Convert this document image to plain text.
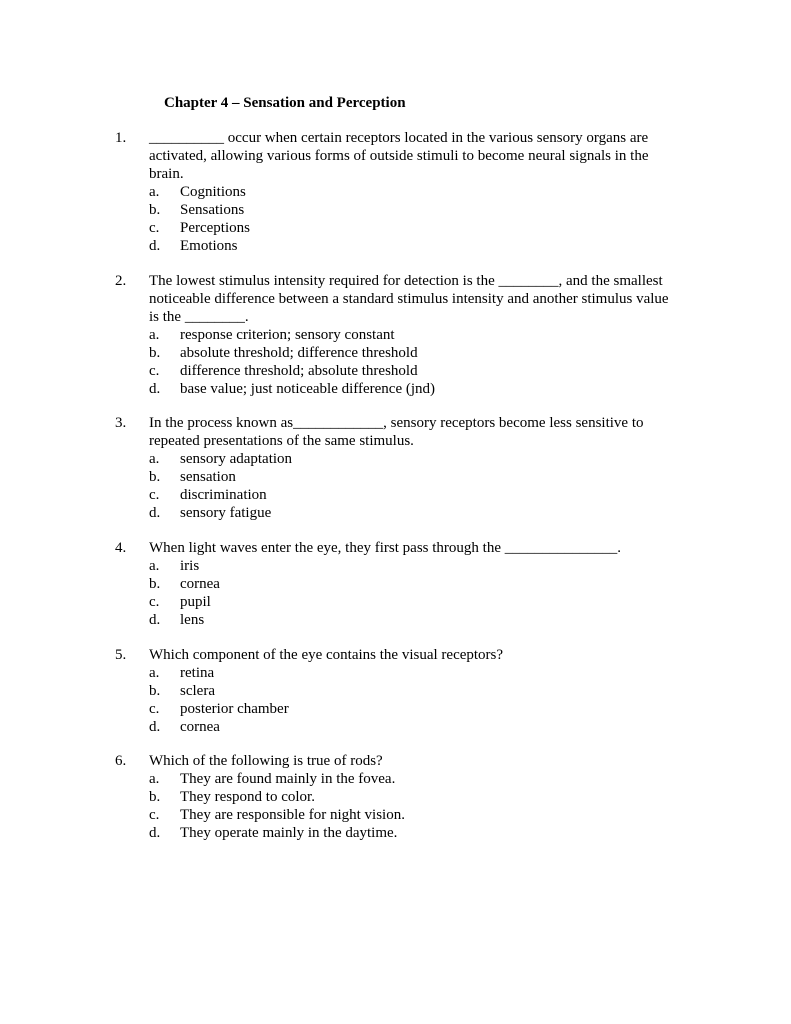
Chapter 4 – Sensation and Perception
1. __________ occur when certain receptors located in the various sensory organs are activated, allowing various forms of outside stimuli to become neural signals in the brain.
a. Cognitions
b. Sensations
c. Perceptions
d. Emotions
2. The lowest stimulus intensity required for detection is the ________, and the smallest noticeable difference between a standard stimulus intensity and another stimulus value is the ________.
a. response criterion; sensory constant
b. absolute threshold; difference threshold
c. difference threshold; absolute threshold
d. base value; just noticeable difference (jnd)
3. In the process known as____________, sensory receptors become less sensitive to repeated presentations of the same stimulus.
a. sensory adaptation
b. sensation
c. discrimination
d. sensory fatigue
4. When light waves enter the eye, they first pass through the _______________.
a. iris
b. cornea
c. pupil
d. lens
5. Which component of the eye contains the visual receptors?
a. retina
b. sclera
c. posterior chamber
d. cornea
6. Which of the following is true of rods?
a. They are found mainly in the fovea.
b. They respond to color.
c. They are responsible for night vision.
d. They operate mainly in the daytime.
